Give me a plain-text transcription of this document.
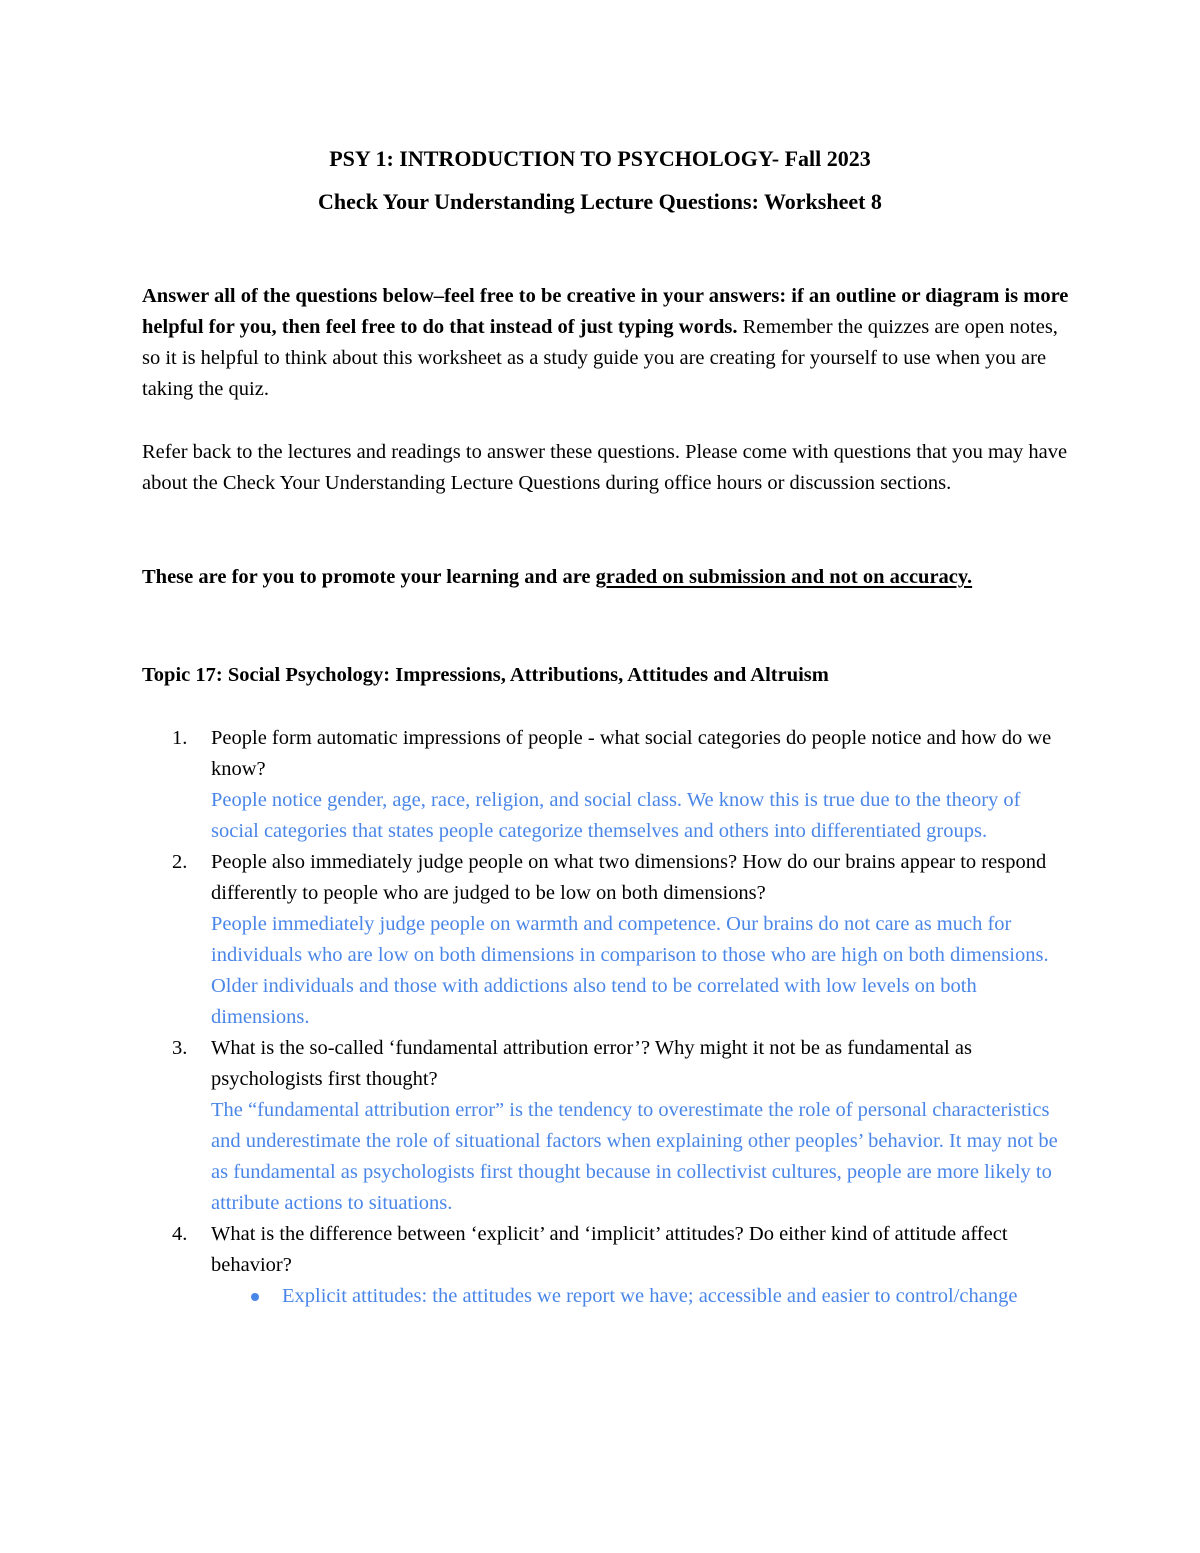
PSY 1: INTRODUCTION TO PSYCHOLOGY- Fall 2023
Check Your Understanding Lecture Questions: Worksheet 8
Answer all of the questions below–feel free to be creative in your answers: if an outline or diagram is more helpful for you, then feel free to do that instead of just typing words. Remember the quizzes are open notes, so it is helpful to think about this worksheet as a study guide you are creating for yourself to use when you are taking the quiz.
Refer back to the lectures and readings to answer these questions. Please come with questions that you may have about the Check Your Understanding Lecture Questions during office hours or discussion sections.
These are for you to promote your learning and are graded on submission and not on accuracy.
Topic 17: Social Psychology: Impressions, Attributions, Attitudes and Altruism
1. People form automatic impressions of people - what social categories do people notice and how do we know?
People notice gender, age, race, religion, and social class. We know this is true due to the theory of social categories that states people categorize themselves and others into differentiated groups.
2. People also immediately judge people on what two dimensions? How do our brains appear to respond differently to people who are judged to be low on both dimensions?
People immediately judge people on warmth and competence. Our brains do not care as much for individuals who are low on both dimensions in comparison to those who are high on both dimensions. Older individuals and those with addictions also tend to be correlated with low levels on both dimensions.
3. What is the so-called ‘fundamental attribution error’? Why might it not be as fundamental as psychologists first thought?
The “fundamental attribution error” is the tendency to overestimate the role of personal characteristics and underestimate the role of situational factors when explaining other peoples’ behavior. It may not be as fundamental as psychologists first thought because in collectivist cultures, people are more likely to attribute actions to situations.
4. What is the difference between ‘explicit’ and ‘implicit’ attitudes? Do either kind of attitude affect behavior?
Explicit attitudes: the attitudes we report we have; accessible and easier to control/change
